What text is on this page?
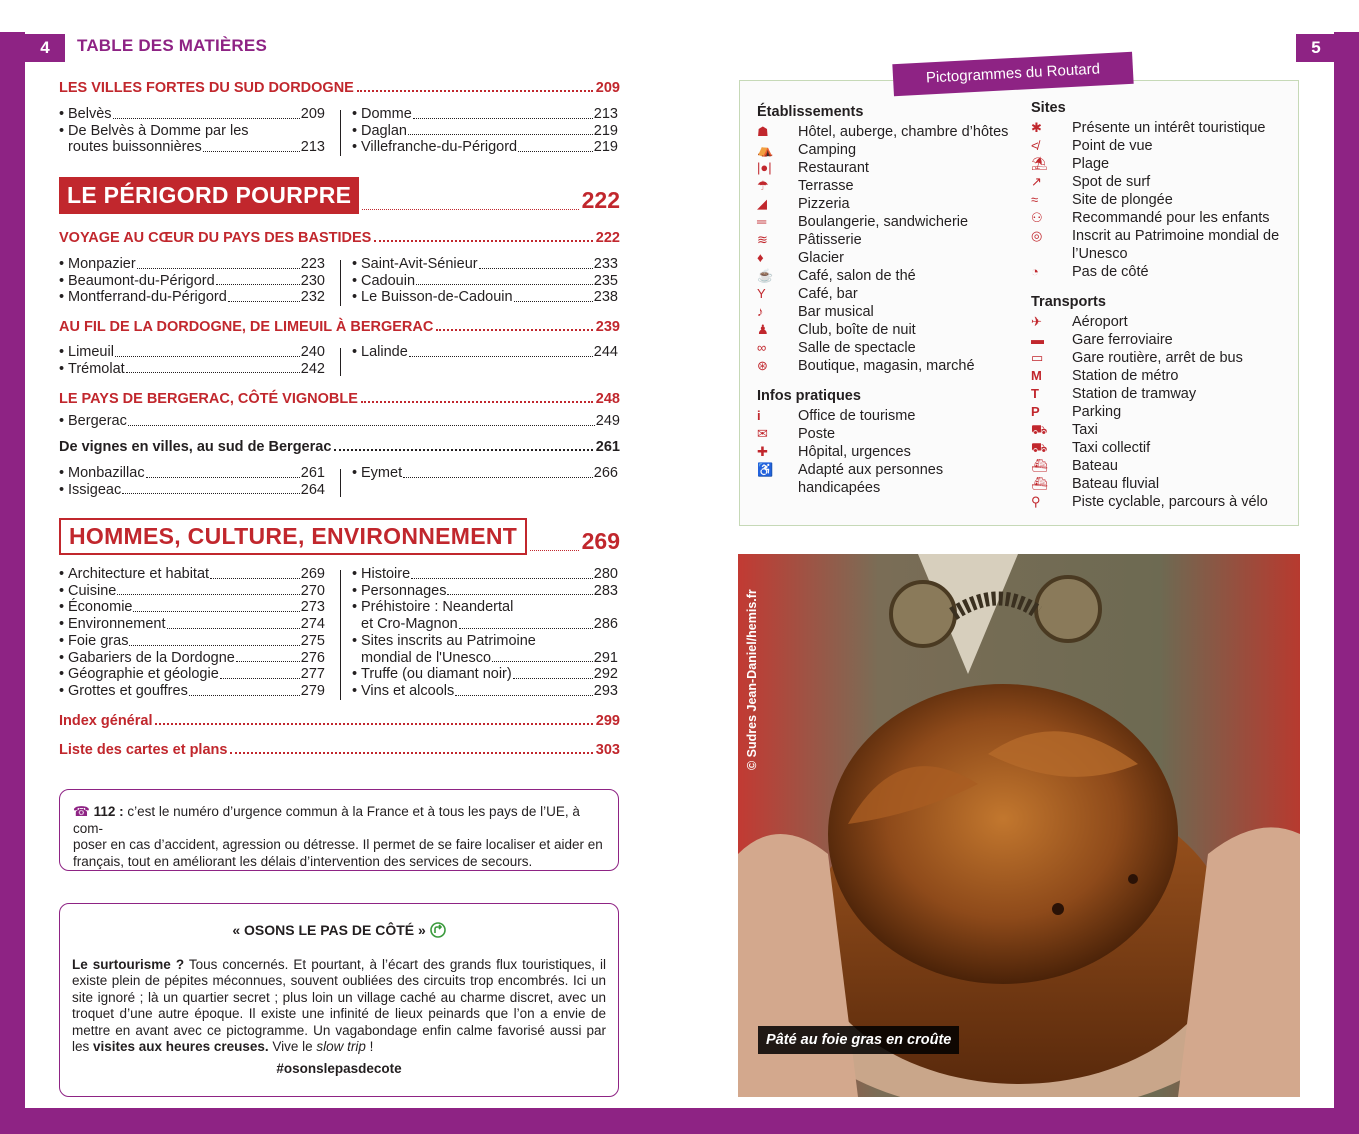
4	5
TABLE DES MATIÈRES
LES VILLES FORTES DU SUD DORDOGNE	209
• Belvès	209
• De Belvès à Domme par les
routes buissonnières	213
• Domme	213
• Daglan	219
• Villefranche-du-Périgord	219
LE PÉRIGORD POURPRE	222
VOYAGE AU CŒUR DU PAYS DES BASTIDES	222
• Monpazier	223
• Beaumont-du-Périgord	230
• Montferrand-du-Périgord	232
• Saint-Avit-Sénieur	233
• Cadouin	235
• Le Buisson-de-Cadouin	238
AU FIL DE LA DORDOGNE, DE LIMEUIL À BERGERAC	239
• Limeuil	240
• Trémolat	242
• Lalinde	244
LE PAYS DE BERGERAC, CÔTÉ VIGNOBLE	248
• Bergerac	249
De vignes en villes, au sud de Bergerac	261
• Monbazillac	261
• Issigeac	264
• Eymet	266
HOMMES, CULTURE, ENVIRONNEMENT	269
• Architecture et habitat	269
• Cuisine	270
• Économie	273
• Environnement	274
• Foie gras	275
• Gabariers de la Dordogne	276
• Géographie et géologie	277
• Grottes et gouffres	279
• Histoire	280
• Personnages	283
• Préhistoire : Neandertal
et Cro-Magnon	286
• Sites inscrits au Patrimoine
mondial de l'Unesco	291
• Truffe (ou diamant noir)	292
• Vins et alcools	293
Index général	299
Liste des cartes et plans	303
☎ 112 : c’est le numéro d’urgence commun à la France et à tous les pays de l’UE, à com-
poser en cas d’accident, agression ou détresse. Il permet de se faire localiser et aider en
français, tout en améliorant les délais d’intervention des services de secours.
« OSONS LE PAS DE CÔTÉ »
Le surtourisme ? Tous concernés. Et pourtant, à l’écart des grands flux touristiques, il existe plein de pépites méconnues, souvent oubliées des circuits trop encombrés. Ici un site ignoré ; là un quartier secret ; plus loin un village caché au charme discret, avec un troquet d’une autre époque. Il existe une infinité de lieux peinards que l’on a envie de mettre en avant avec ce pictogramme. Un vagabondage enfin calme favorisé aussi par les visites aux heures creuses. Vive le slow trip !
#osonslepasdecote
Pictogrammes du Routard
Établissements
☗	Hôtel, auberge, chambre d’hôtes
⛺	Camping
|●|	Restaurant
☂	Terrasse
◢	Pizzeria
═	Boulangerie, sandwicherie
≋	Pâtisserie
♦	Glacier
☕	Café, salon de thé
Y	Café, bar
♪	Bar musical
♟	Club, boîte de nuit
∞	Salle de spectacle
⊛	Boutique, magasin, marché
Infos pratiques
i	Office de tourisme
✉	Poste
✚	Hôpital, urgences
♿	Adapté aux personnes
handicapées
Sites
✱	Présente un intérêt touristique
≮	Point de vue
⛱	Plage
↗	Spot de surf
≈	Site de plongée
⚇	Recommandé pour les enfants
◎	Inscrit au Patrimoine mondial de
l’Unesco
◔	Pas de côté
Transports
✈	Aéroport
▬	Gare ferroviaire
▭	Gare routière, arrêt de bus
M	Station de métro
T	Station de tramway
P	Parking
⛟	Taxi
⛟	Taxi collectif
⛴	Bateau
⛴	Bateau fluvial
⚲	Piste cyclable, parcours à vélo
© Sudres Jean-Daniel/hemis.fr
Pâté au foie gras en croûte
